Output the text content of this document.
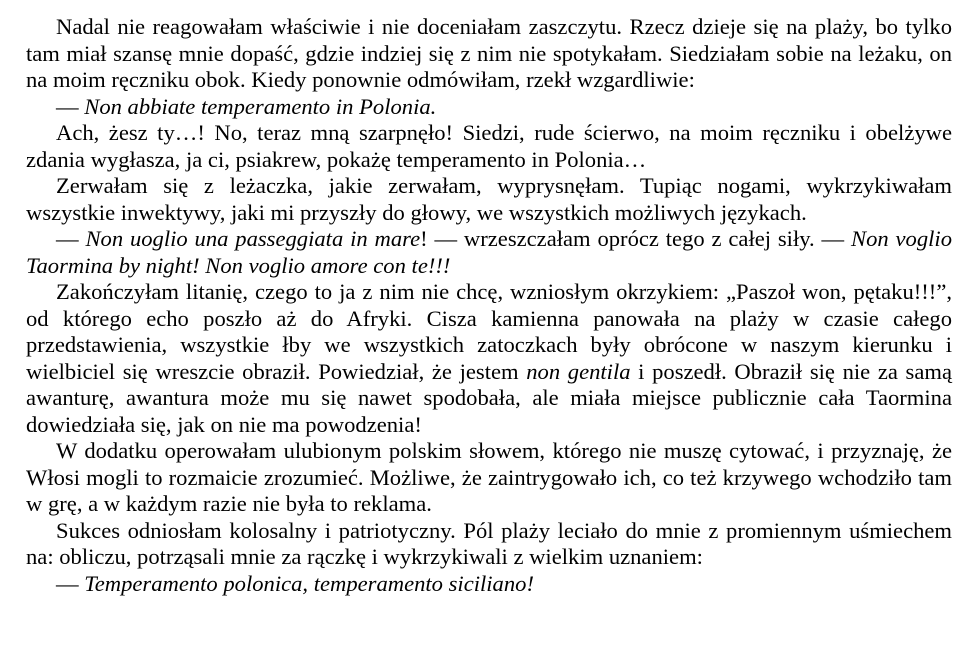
Nadal nie reagowałam właściwie i nie doceniałam zaszczytu. Rzecz dzieje się na plaży, bo tylko tam miał szansę mnie dopaść, gdzie indziej się z nim nie spotykałam. Siedziałam sobie na leżaku, on na moim ręczniku obok. Kiedy ponownie odmówiłam, rzekł wzgardliwie:

— Non abbiate temperamento in Polonia.

Ach, żesz ty…! No, teraz mną szarpnęło! Siedzi, rude ścierwo, na moim ręczniku i obelżywe zdania wygłasza, ja ci, psiakrew, pokażę temperamento in Polonia…

Zerwałam się z leżaczka, jakie zerwałam, wyprysnęłam. Tupiąc nogami, wykrzykiwałam wszystkie inwektywy, jaki mi przyszły do głowy, we wszystkich możliwych językach.

— Non uoglio una passeggiata in mare! — wrzeszczałam oprócz tego z całej siły. — Non voglio Taormina by night! Non voglio amore con te!!!

Zakończyłam litanię, czego to ja z nim nie chcę, wzniosłym okrzykiem: „Paszoł won, pętaku!!!”, od którego echo poszło aż do Afryki. Cisza kamienna panowała na plaży w czasie całego przedstawienia, wszystkie łby we wszystkich zatoczkach były obrócone w naszym kierunku i wielbiciel się wreszcie obraził. Powiedział, że jestem non gentila i poszedł. Obraził się nie za samą awanturę, awantura może mu się nawet spodobała, ale miała miejsce publicznie cała Taormina dowiedziała się, jak on nie ma powodzenia!

W dodatku operowałam ulubionym polskim słowem, którego nie muszę cytować, i przyznaję, że Włosi mogli to rozmaicie zrozumieć. Możliwe, że zaintrygowało ich, co też krzywego wchodziło tam w grę, a w każdym razie nie była to reklama.

Sukces odniosłam kolosalny i patriotyczny. Pól plaży leciało do mnie z promiennym uśmiechem na: obliczu, potrząsali mnie za rączkę i wykrzykiwali z wielkim uznaniem:

— Temperamento polonica, temperamento siciliano!
